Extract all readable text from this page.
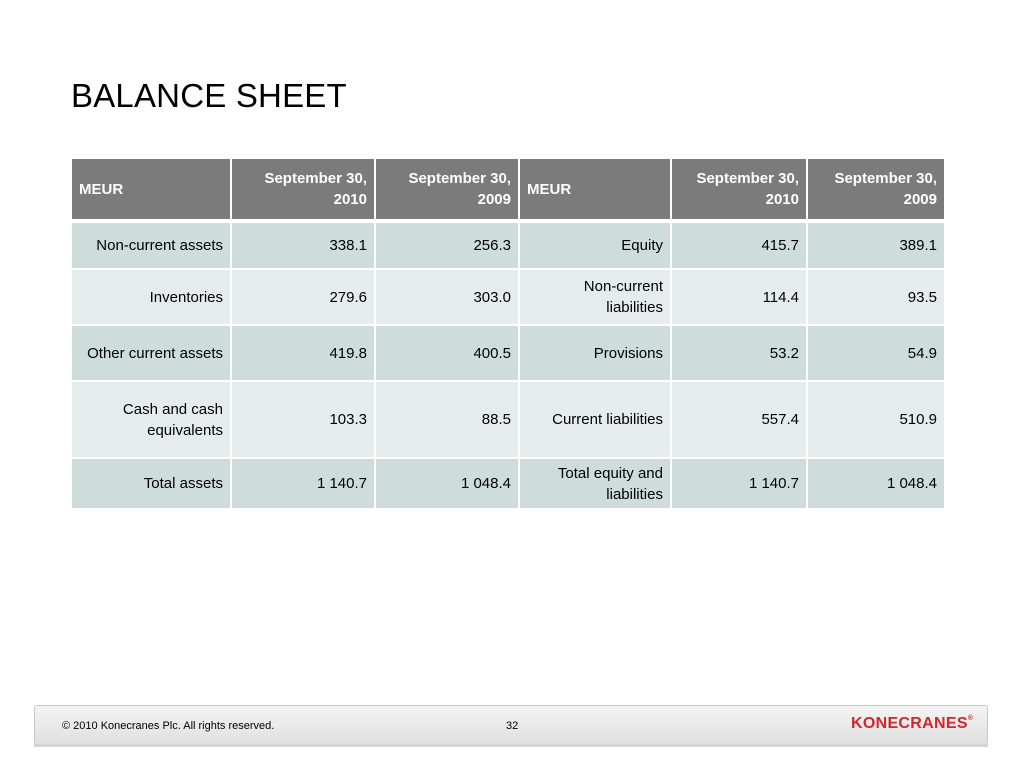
BALANCE SHEET
MEUR	September 30, 2010	September 30, 2009	MEUR	September 30, 2010	September 30, 2009
Non-current assets	338.1	256.3	Equity	415.7	389.1
Inventories	279.6	303.0	Non-current liabilities	114.4	93.5
Other current assets	419.8	400.5	Provisions	53.2	54.9
Cash and cash equivalents	103.3	88.5	Current liabilities	557.4	510.9
Total assets	1 140.7	1 048.4	Total equity and liabilities	1 140.7	1 048.4
© 2010 Konecranes Plc. All rights reserved.	32	KONECRANES®
